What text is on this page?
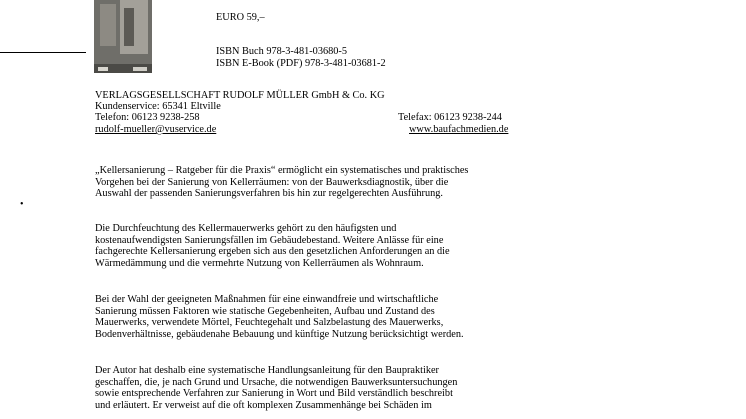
•
EURO 59,–
ISBN Buch 978-3-481-03680-5
ISBN E-Book (PDF) 978-3-481-03681-2
VERLAGSGESELLSCHAFT RUDOLF MÜLLER GmbH & Co. KG
Kundenservice: 65341 Eltville
Telefon: 06123 9238-258	Telefax: 06123 9238-244
rudolf-mueller@vuservice.de	www.baufachmedien.de
„Kellersanierung – Ratgeber für die Praxis“ ermöglicht ein systematisches und praktisches
Vorgehen bei der Sanierung von Kellerräumen: von der Bauwerksdiagnostik, über die
Auswahl der passenden Sanierungsverfahren bis hin zur regelgerechten Ausführung.
Die Durchfeuchtung des Kellermauerwerks gehört zu den häufigsten und
kostenaufwendigsten Sanierungsfällen im Gebäudebestand. Weitere Anlässe für eine
fachgerechte Kellersanierung ergeben sich aus den gesetzlichen Anforderungen an die
Wärmedämmung und die vermehrte Nutzung von Kellerräumen als Wohnraum.
Bei der Wahl der geeigneten Maßnahmen für eine einwandfreie und wirtschaftliche
Sanierung müssen Faktoren wie statische Gegebenheiten, Aufbau und Zustand des
Mauerwerks, verwendete Mörtel, Feuchtegehalt und Salzbelastung des Mauerwerks,
Bodenverhältnisse, gebäudenahe Bebauung und künftige Nutzung berücksichtigt werden.
Der Autor hat deshalb eine systematische Handlungsanleitung für den Baupraktiker
geschaffen, die, je nach Grund und Ursache, die notwendigen Bauwerksuntersuchungen
sowie entsprechende Verfahren zur Sanierung in Wort und Bild verständlich beschreibt
und erläutert. Er verweist auf die oft komplexen Zusammenhänge bei Schäden im
